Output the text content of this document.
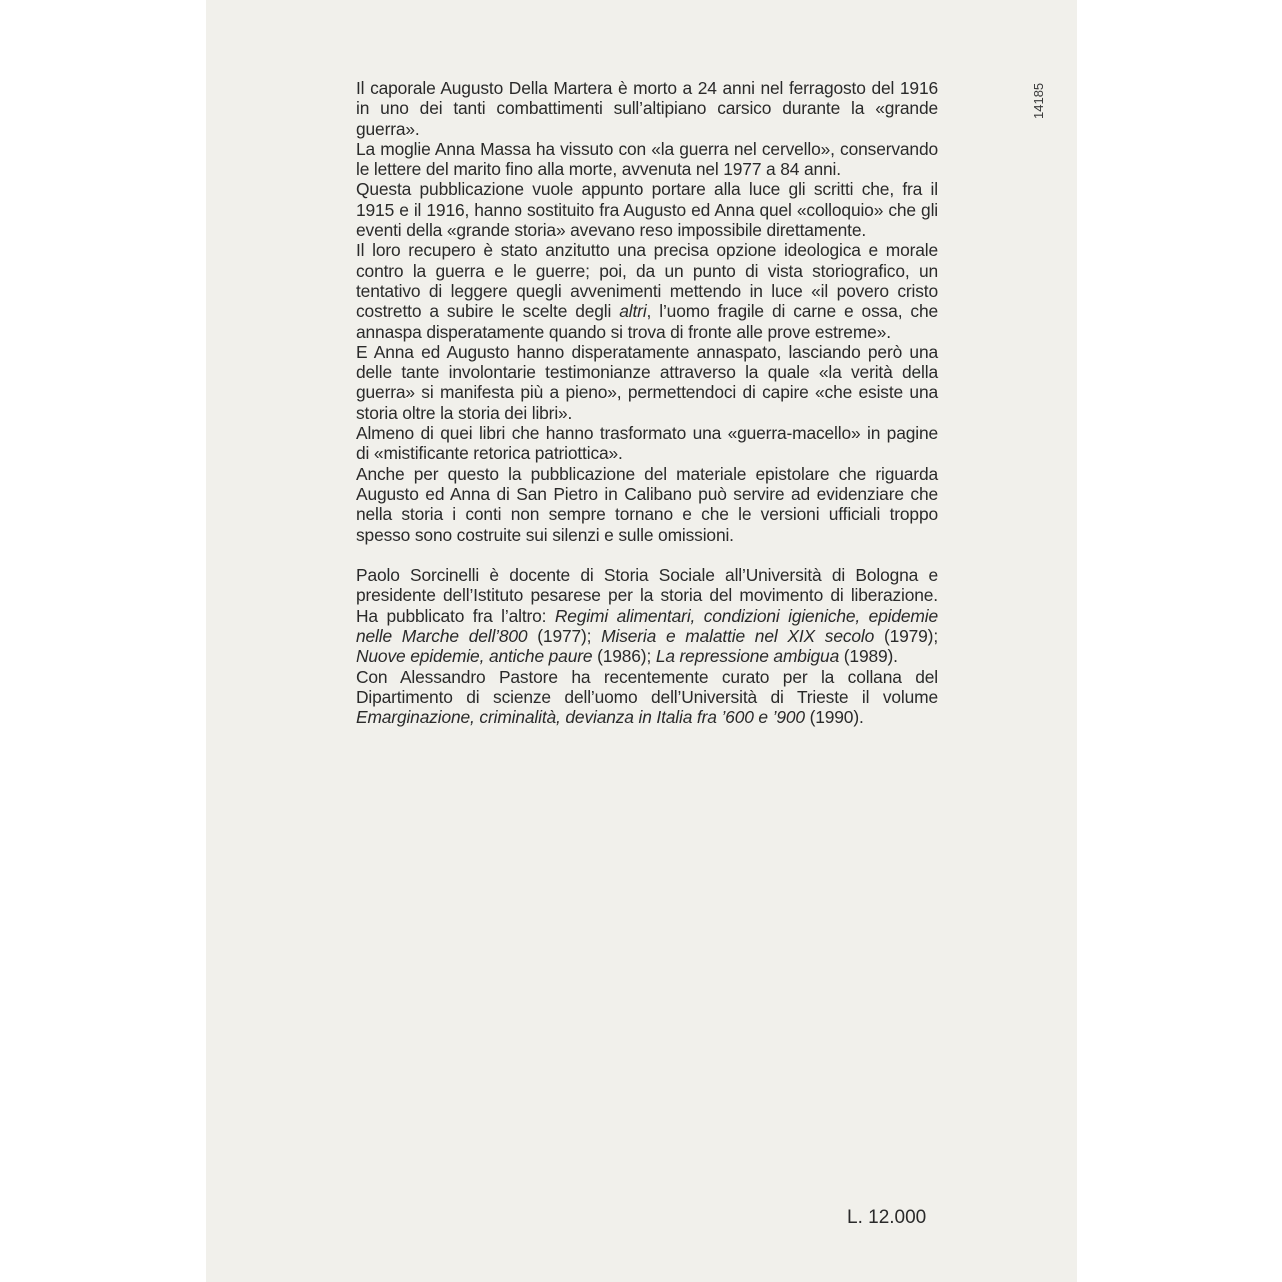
14185

Il caporale Augusto Della Martera è morto a 24 anni nel ferragosto del 1916 in uno dei tanti combattimenti sull’altipiano carsico durante la «grande guerra».

La moglie Anna Massa ha vissuto con «la guerra nel cervello», conservando le lettere del marito fino alla morte, avvenuta nel 1977 a 84 anni.

Questa pubblicazione vuole appunto portare alla luce gli scritti che, fra il 1915 e il 1916, hanno sostituito fra Augusto ed Anna quel «colloquio» che gli eventi della «grande storia» avevano reso impossibile direttamente.

Il loro recupero è stato anzitutto una precisa opzione ideologica e morale contro la guerra e le guerre; poi, da un punto di vista storiografico, un tentativo di leggere quegli avvenimenti mettendo in luce «il povero cristo costretto a subire le scelte degli altri, l’uomo fragile di carne e ossa, che annaspa disperatamente quando si trova di fronte alle prove estreme».

E Anna ed Augusto hanno disperatamente annaspato, lasciando però una delle tante involontarie testimonianze attraverso la quale «la verità della guerra» si manifesta più a pieno», permettendoci di capire «che esiste una storia oltre la storia dei libri».

Almeno di quei libri che hanno trasformato una «guerra-macello» in pagine di «mistificante retorica patriottica».

Anche per questo la pubblicazione del materiale epistolare che riguarda Augusto ed Anna di San Pietro in Calibano può servire ad evidenziare che nella storia i conti non sempre tornano e che le versioni ufficiali troppo spesso sono costruite sui silenzi e sulle omissioni.

Paolo Sorcinelli è docente di Storia Sociale all’Università di Bologna e presidente dell’Istituto pesarese per la storia del movimento di liberazione. Ha pubblicato fra l’altro: Regimi alimentari, condizioni igieniche, epidemie nelle Marche dell’800 (1977); Miseria e malattie nel XIX secolo (1979); Nuove epidemie, antiche paure (1986); La repressione ambigua (1989).

Con Alessandro Pastore ha recentemente curato per la collana del Dipartimento di scienze dell’uomo dell’Università di Trieste il volume Emarginazione, criminalità, devianza in Italia fra ’600 e ’900 (1990).

L. 12.000
